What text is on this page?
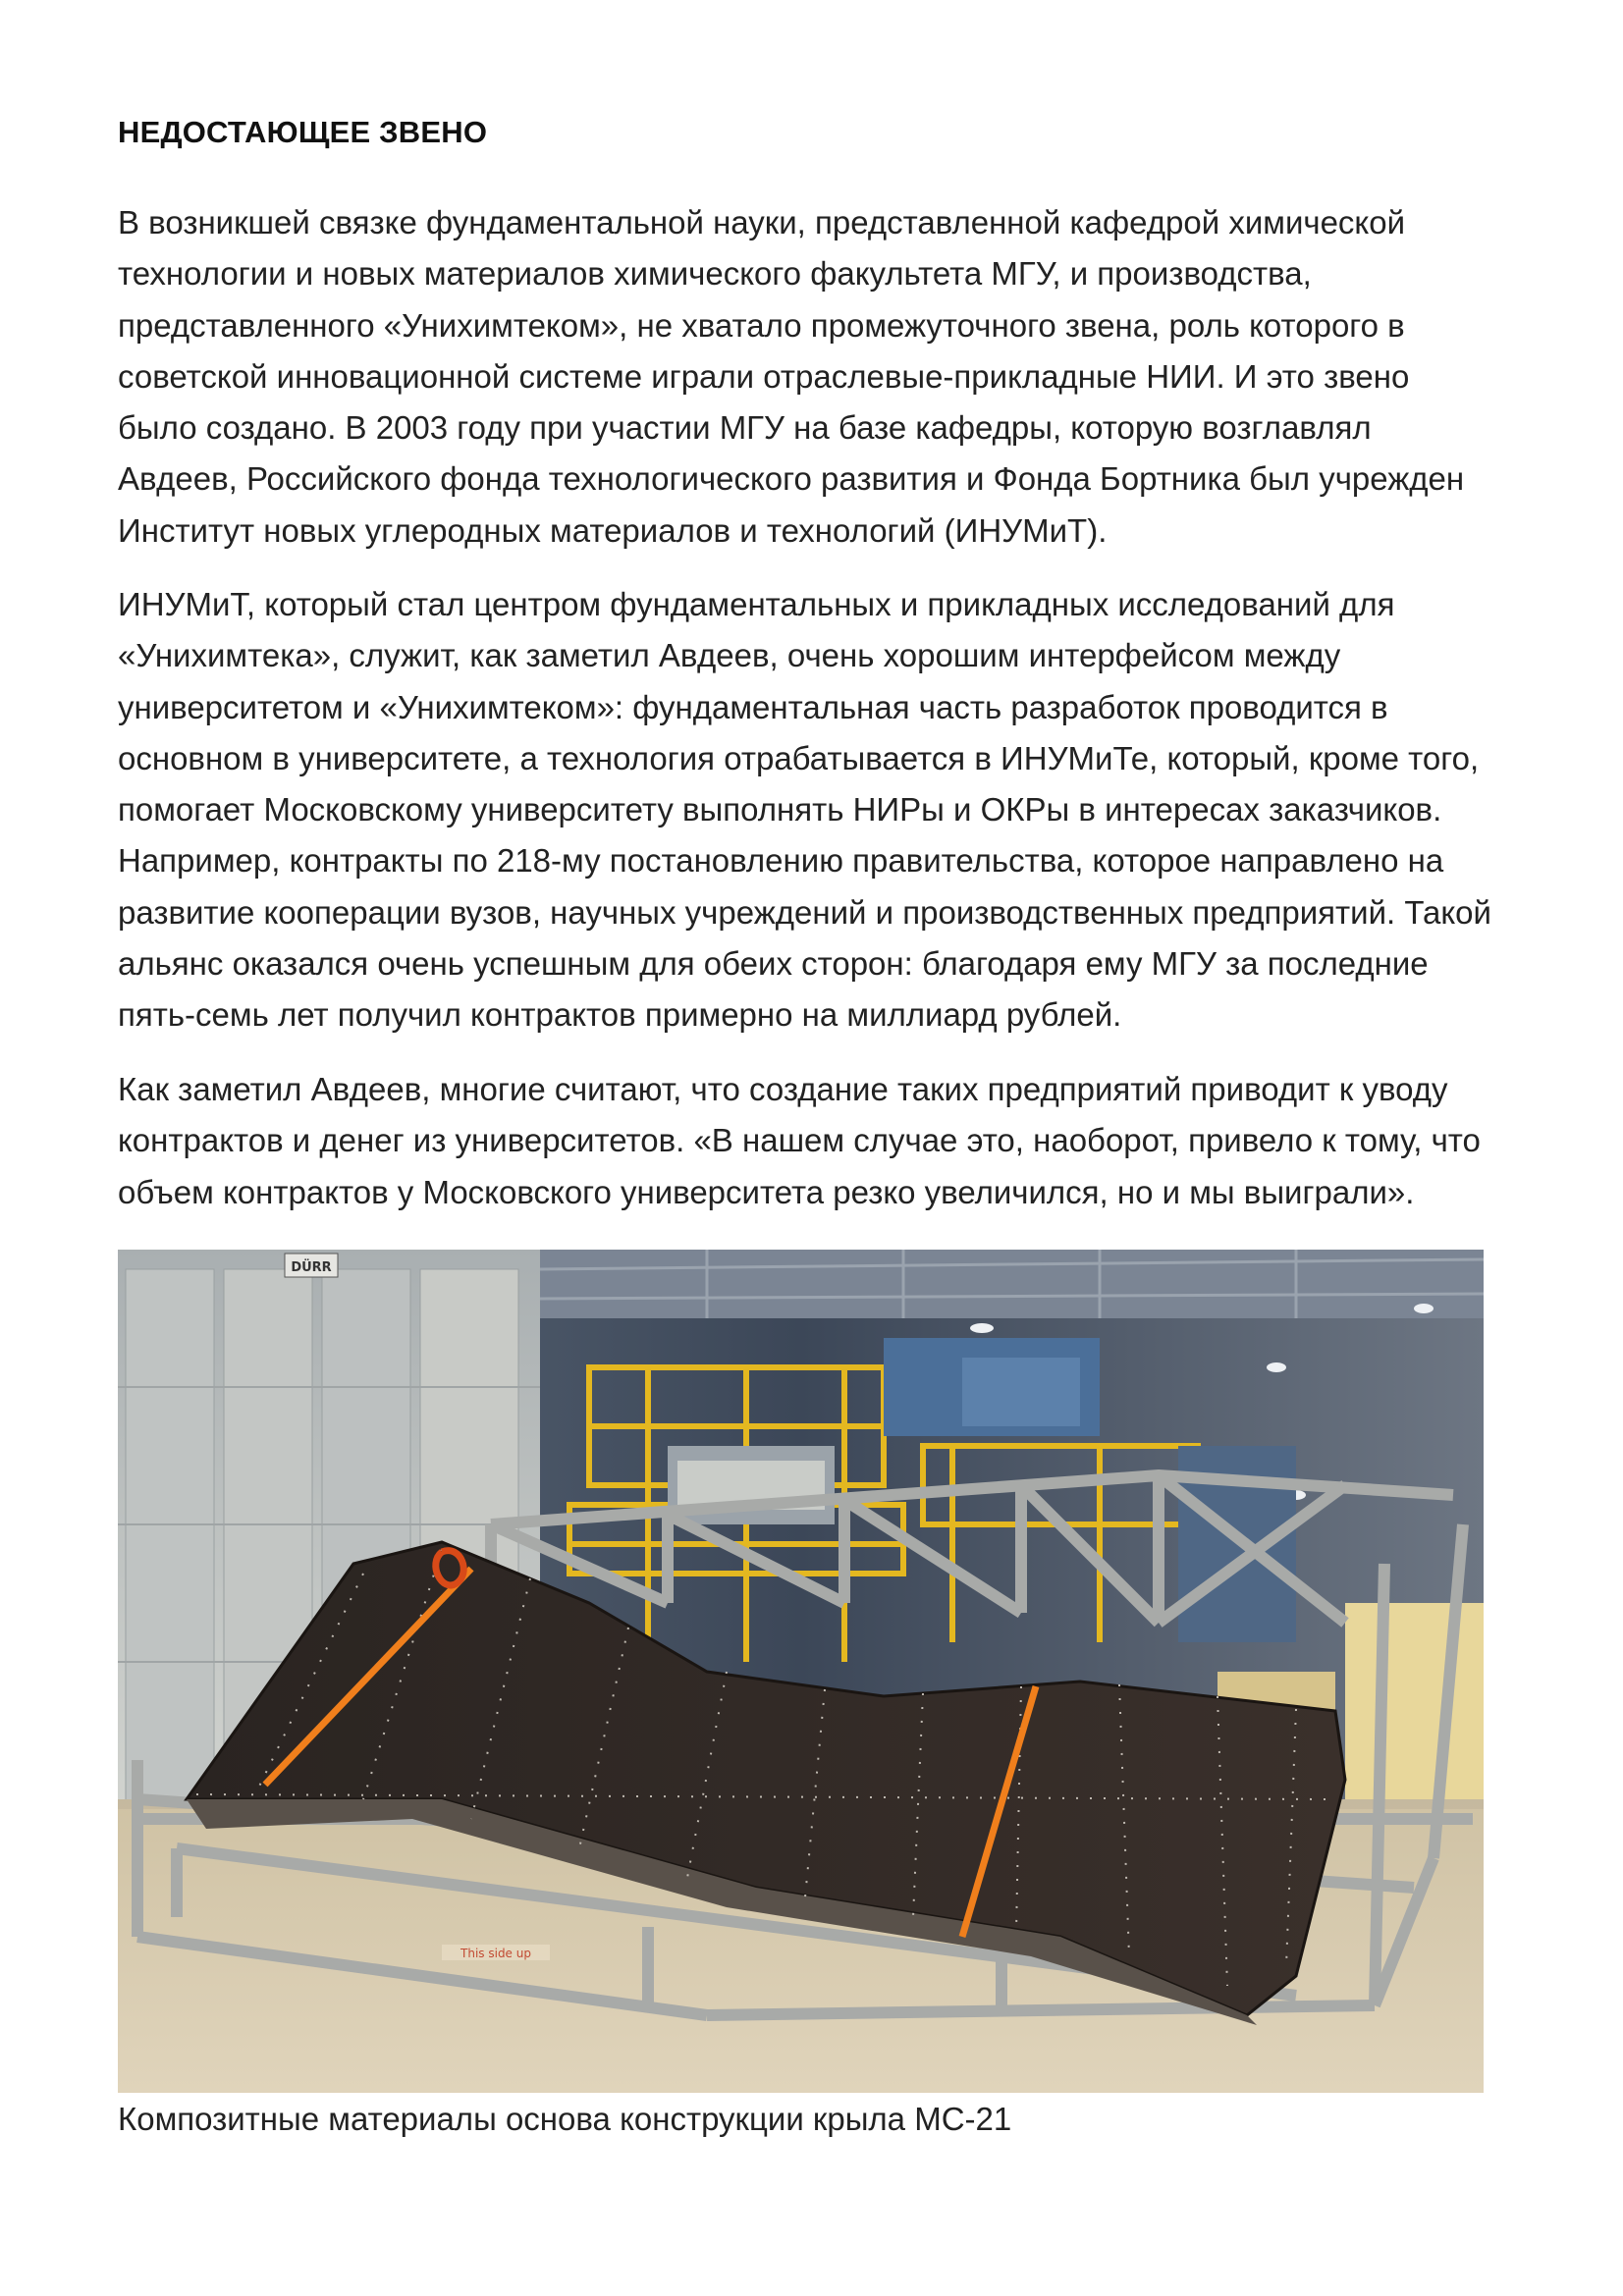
НЕДОСТАЮЩЕЕ ЗВЕНО
В возникшей связке фундаментальной науки, представленной кафедрой химической
технологии и новых материалов химического факультета МГУ, и производства,
представленного «Унихимтеком», не хватало промежуточного звена, роль которого в
советской инновационной системе играли отраслевые-прикладные НИИ. И это звено
было создано. В 2003 году при участии МГУ на базе кафедры, которую возглавлял
Авдеев, Российского фонда технологического развития и Фонда Бортника был учрежден
Институт новых углеродных материалов и технологий (ИНУМиТ).
ИНУМиТ, который стал центром фундаментальных и прикладных исследований для
«Унихимтека», служит, как заметил Авдеев, очень хорошим интерфейсом между
университетом и «Унихимтеком»: фундаментальная часть разработок проводится в
основном в университете, а технология отрабатывается в ИНУМиТе, который, кроме того,
помогает Московскому университету выполнять НИРы и ОКРы в интересах заказчиков.
Например, контракты по 218-му постановлению правительства, которое направлено на
развитие кооперации вузов, научных учреждений и производственных предприятий. Такой
альянс оказался очень успешным для обеих сторон: благодаря ему МГУ за последние
пять-семь лет получил контрактов примерно на миллиард рублей.
Как заметил Авдеев, многие считают, что создание таких предприятий приводит к уводу
контрактов и денег из университетов. «В нашем случае это, наоборот, привело к тому, что
объем контрактов у Московского университета резко увеличился, но и мы выиграли».
DÜRR
This side up
Композитные материалы основа конструкции крыла МС-21
